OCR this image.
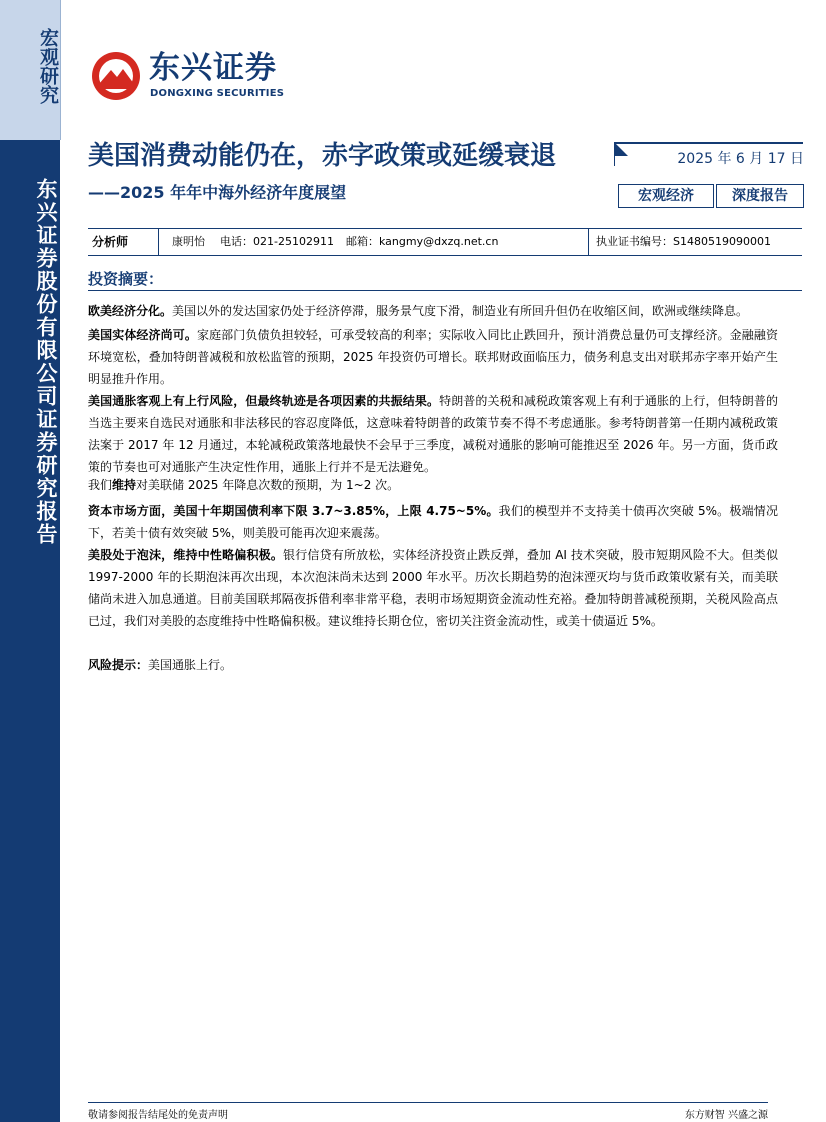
宏观研究
东兴证券股份有限公司证券研究报告
东兴证券
DONGXING SECURITIES
美国消费动能仍在，赤字政策或延缓衰退
——2025 年年中海外经济年度展望
2025 年 6 月 17 日
宏观经济	深度报告
分析师	康明怡 电话：021-25102911 邮箱：kangmy@dxzq.net.cn	执业证书编号：S1480519090001
投资摘要：
欧美经济分化。美国以外的发达国家仍处于经济停滞，服务景气度下滑，制造业有所回升但仍在收缩区间，欧洲或继续降息。
美国实体经济尚可。家庭部门负债负担较轻，可承受较高的利率；实际收入同比止跌回升，预计消费总量仍可支撑经济。金融融资环境宽松，叠加特朗普减税和放松监管的预期，2025 年投资仍可增长。联邦财政面临压力，债务利息支出对联邦赤字率开始产生明显推升作用。
美国通胀客观上有上行风险，但最终轨迹是各项因素的共振结果。特朗普的关税和减税政策客观上有利于通胀的上行，但特朗普的当选主要来自选民对通胀和非法移民的容忍度降低，这意味着特朗普的政策节奏不得不考虑通胀。参考特朗普第一任期内减税政策法案于 2017 年 12 月通过，本轮减税政策落地最快不会早于三季度，减税对通胀的影响可能推迟至 2026 年。另一方面，货币政策的节奏也可对通胀产生决定性作用，通胀上行并不是无法避免。
我们维持对美联储 2025 年降息次数的预期，为 1~2 次。
资本市场方面，美国十年期国债利率下限 3.7~3.85%，上限 4.75~5%。我们的模型并不支持美十债再次突破 5%。极端情况下，若美十债有效突破 5%，则美股可能再次迎来震荡。
美股处于泡沫，维持中性略偏积极。银行信贷有所放松，实体经济投资止跌反弹，叠加 AI 技术突破，股市短期风险不大。但类似 1997-2000 年的长期泡沫再次出现，本次泡沫尚未达到 2000 年水平。历次长期趋势的泡沫湮灭均与货币政策收紧有关，而美联储尚未进入加息通道。目前美国联邦隔夜拆借利率非常平稳，表明市场短期资金流动性充裕。叠加特朗普减税预期，关税风险高点已过，我们对美股的态度维持中性略偏积极。建议维持长期仓位，密切关注资金流动性，或美十债逼近 5%。
风险提示：美国通胀上行。
敬请参阅报告结尾处的免责声明	东方财智 兴盛之源
